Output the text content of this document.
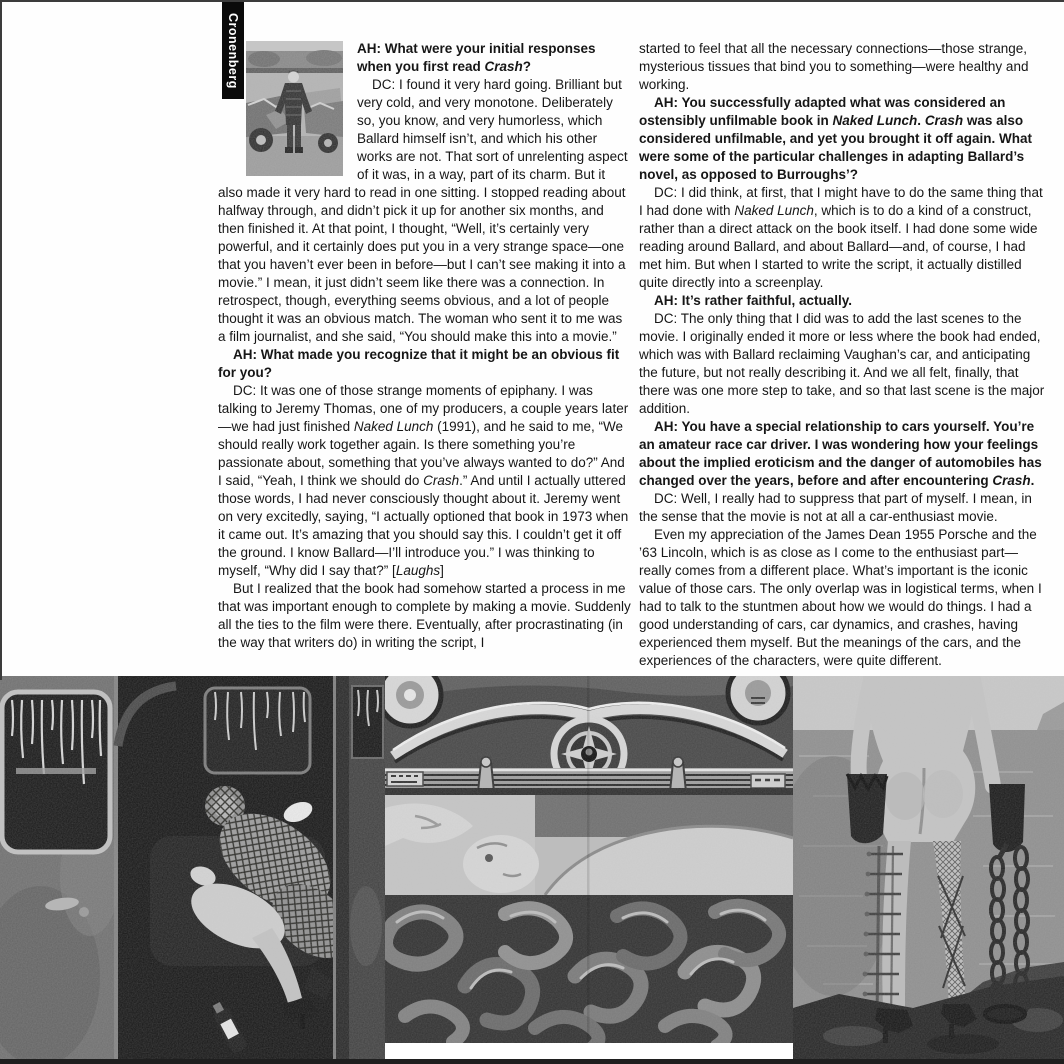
Cronenberg	AH: What were your initial responses when you first read Crash?

DC: I found it very hard going. Brilliant but very cold, and very monotone. Deliberately so, you know, and very humorless, which Ballard himself isn’t, and which his other works are not. That sort of unrelenting aspect of it was, in a way, part of its charm. But it also made it very hard to read in one sitting. I stopped reading about halfway through, and didn’t pick it up for another six months, and then finished it. At that point, I thought, “Well, it’s certainly very powerful, and it certainly does put you in a very strange space—one that you haven’t ever been in before—but I can’t see making it into a movie.” I mean, it just didn’t seem like there was a connection. In retrospect, though, everything seems obvious, and a lot of people thought it was an obvious match. The woman who sent it to me was a film journalist, and she said, “You should make this into a movie.”

AH: What made you recognize that it might be an obvious fit for you?

DC: It was one of those strange moments of epiphany. I was talking to Jeremy Thomas, one of my producers, a couple years later—we had just finished Naked Lunch (1991), and he said to me, “We should really work together again. Is there something you’re passionate about, something that you’ve always wanted to do?” And I said, “Yeah, I think we should do Crash.” And until I actually uttered those words, I had never consciously thought about it. Jeremy went on very excitedly, saying, “I actually optioned that book in 1973 when it came out. It’s amazing that you should say this. I couldn’t get it off the ground. I know Ballard—I’ll introduce you.” I was thinking to myself, “Why did I say that?” [Laughs]

But I realized that the book had somehow started a process in me that was important enough to complete by making a movie. Suddenly all the ties to the film were there. Eventually, after procrastinating (in the way that writers do) in writing the script, I

started to feel that all the necessary connections—those strange, mysterious tissues that bind you to something—were healthy and working.

AH: You successfully adapted what was considered an ostensibly unfilmable book in Naked Lunch. Crash was also considered unfilmable, and yet you brought it off again. What were some of the particular challenges in adapting Ballard’s novel, as opposed to Burroughs’?

DC: I did think, at first, that I might have to do the same thing that I had done with Naked Lunch, which is to do a kind of a construct, rather than a direct attack on the book itself. I had done some wide reading around Ballard, and about Ballard—and, of course, I had met him. But when I started to write the script, it actually distilled quite directly into a screenplay.

AH: It’s rather faithful, actually.

DC: The only thing that I did was to add the last scenes to the movie. I originally ended it more or less where the book had ended, which was with Ballard reclaiming Vaughan’s car, and anticipating the future, but not really describing it. And we all felt, finally, that there was one more step to take, and so that last scene is the major addition.

AH: You have a special relationship to cars yourself. You’re an amateur race car driver. I was wondering how your feelings about the implied eroticism and the danger of automobiles has changed over the years, before and after encountering Crash.

DC: Well, I really had to suppress that part of myself. I mean, in the sense that the movie is not at all a car-enthusiast movie.

Even my appreciation of the James Dean 1955 Porsche and the ’63 Lincoln, which is as close as I come to the enthusiast part—really comes from a different place. What’s important is the iconic value of those cars. The only overlap was in logistical terms, when I had to talk to the stuntmen about how we would do things. I had a good understanding of cars, car dynamics, and crashes, having experienced them myself. But the meanings of the cars, and the experiences of the characters, were quite different.
